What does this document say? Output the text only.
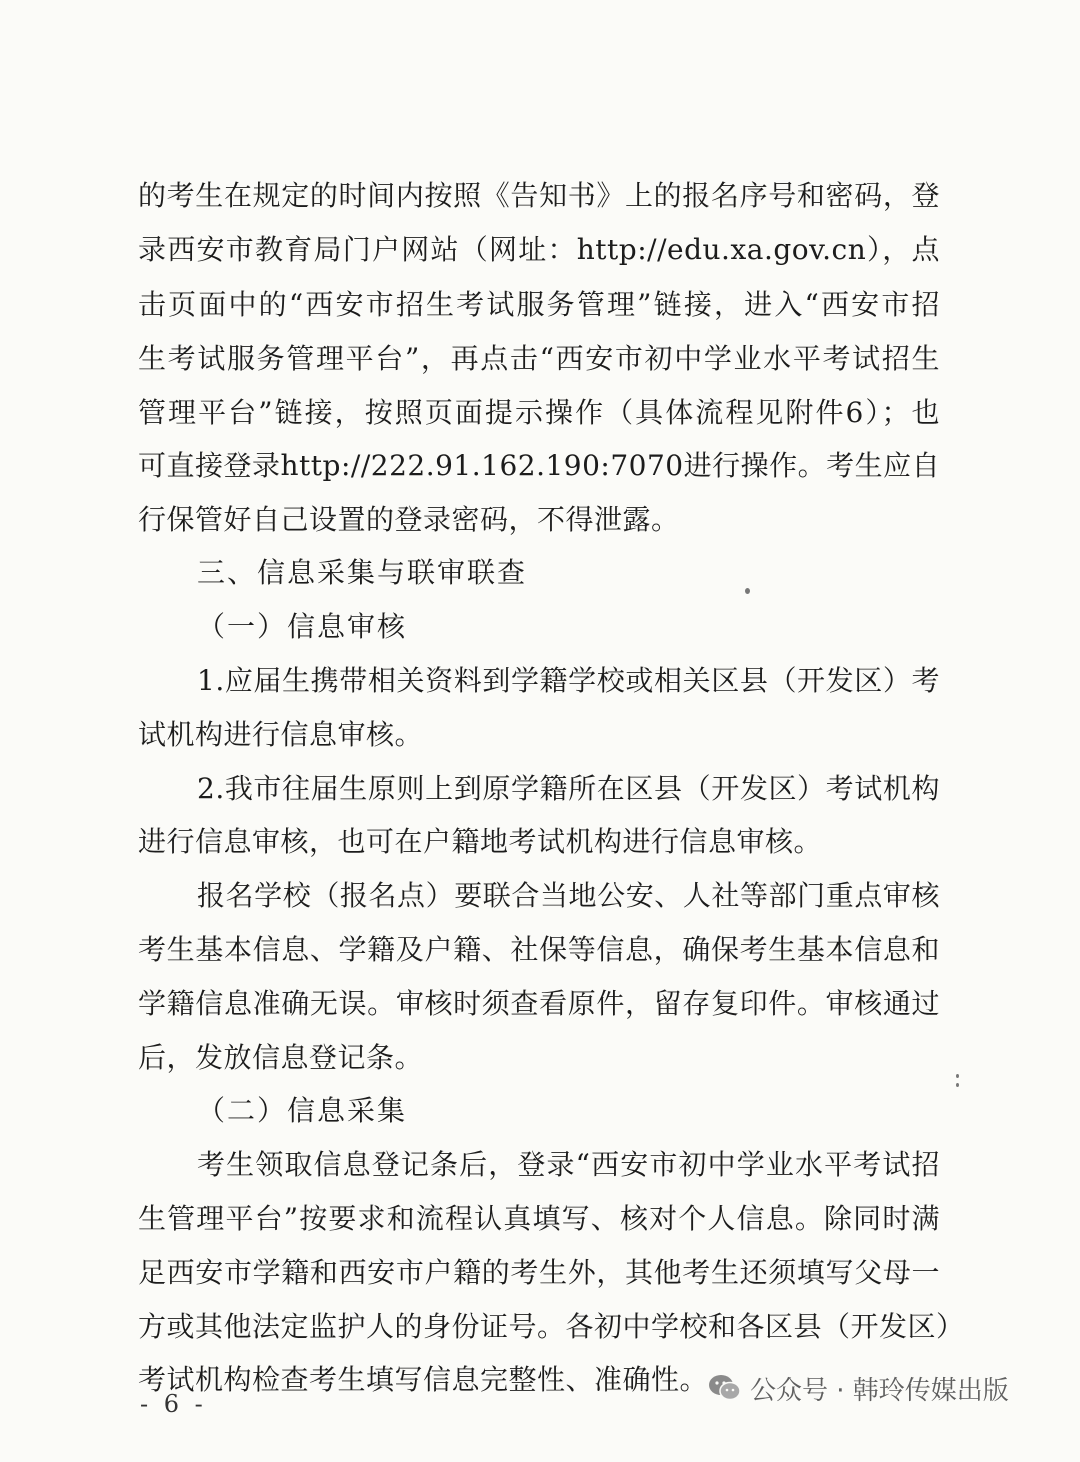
的考生在规定的时间内按照《告知书》上的报名序号和密码，登
录西安市教育局门户网站（网址：http://edu.xa.gov.cn），点
击页面中的“西安市招生考试服务管理”链接，进入“西安市招
生考试服务管理平台”，再点击“西安市初中学业水平考试招生
管理平台”链接，按照页面提示操作（具体流程见附件6）；也
可直接登录http://222.91.162.190:7070进行操作。考生应自
行保管好自己设置的登录密码，不得泄露。
三、信息采集与联审联查
（一）信息审核
1.应届生携带相关资料到学籍学校或相关区县（开发区）考
试机构进行信息审核。
2.我市往届生原则上到原学籍所在区县（开发区）考试机构
进行信息审核，也可在户籍地考试机构进行信息审核。
报名学校（报名点）要联合当地公安、人社等部门重点审核
考生基本信息、学籍及户籍、社保等信息，确保考生基本信息和
学籍信息准确无误。审核时须查看原件，留存复印件。审核通过
后，发放信息登记条。
（二）信息采集
考生领取信息登记条后，登录“西安市初中学业水平考试招
生管理平台”按要求和流程认真填写、核对个人信息。除同时满
足西安市学籍和西安市户籍的考生外，其他考生还须填写父母一
方或其他法定监护人的身份证号。各初中学校和各区县（开发区）
考试机构检查考生填写信息完整性、准确性。
- 6 -	公众号 · 韩玲传媒出版
